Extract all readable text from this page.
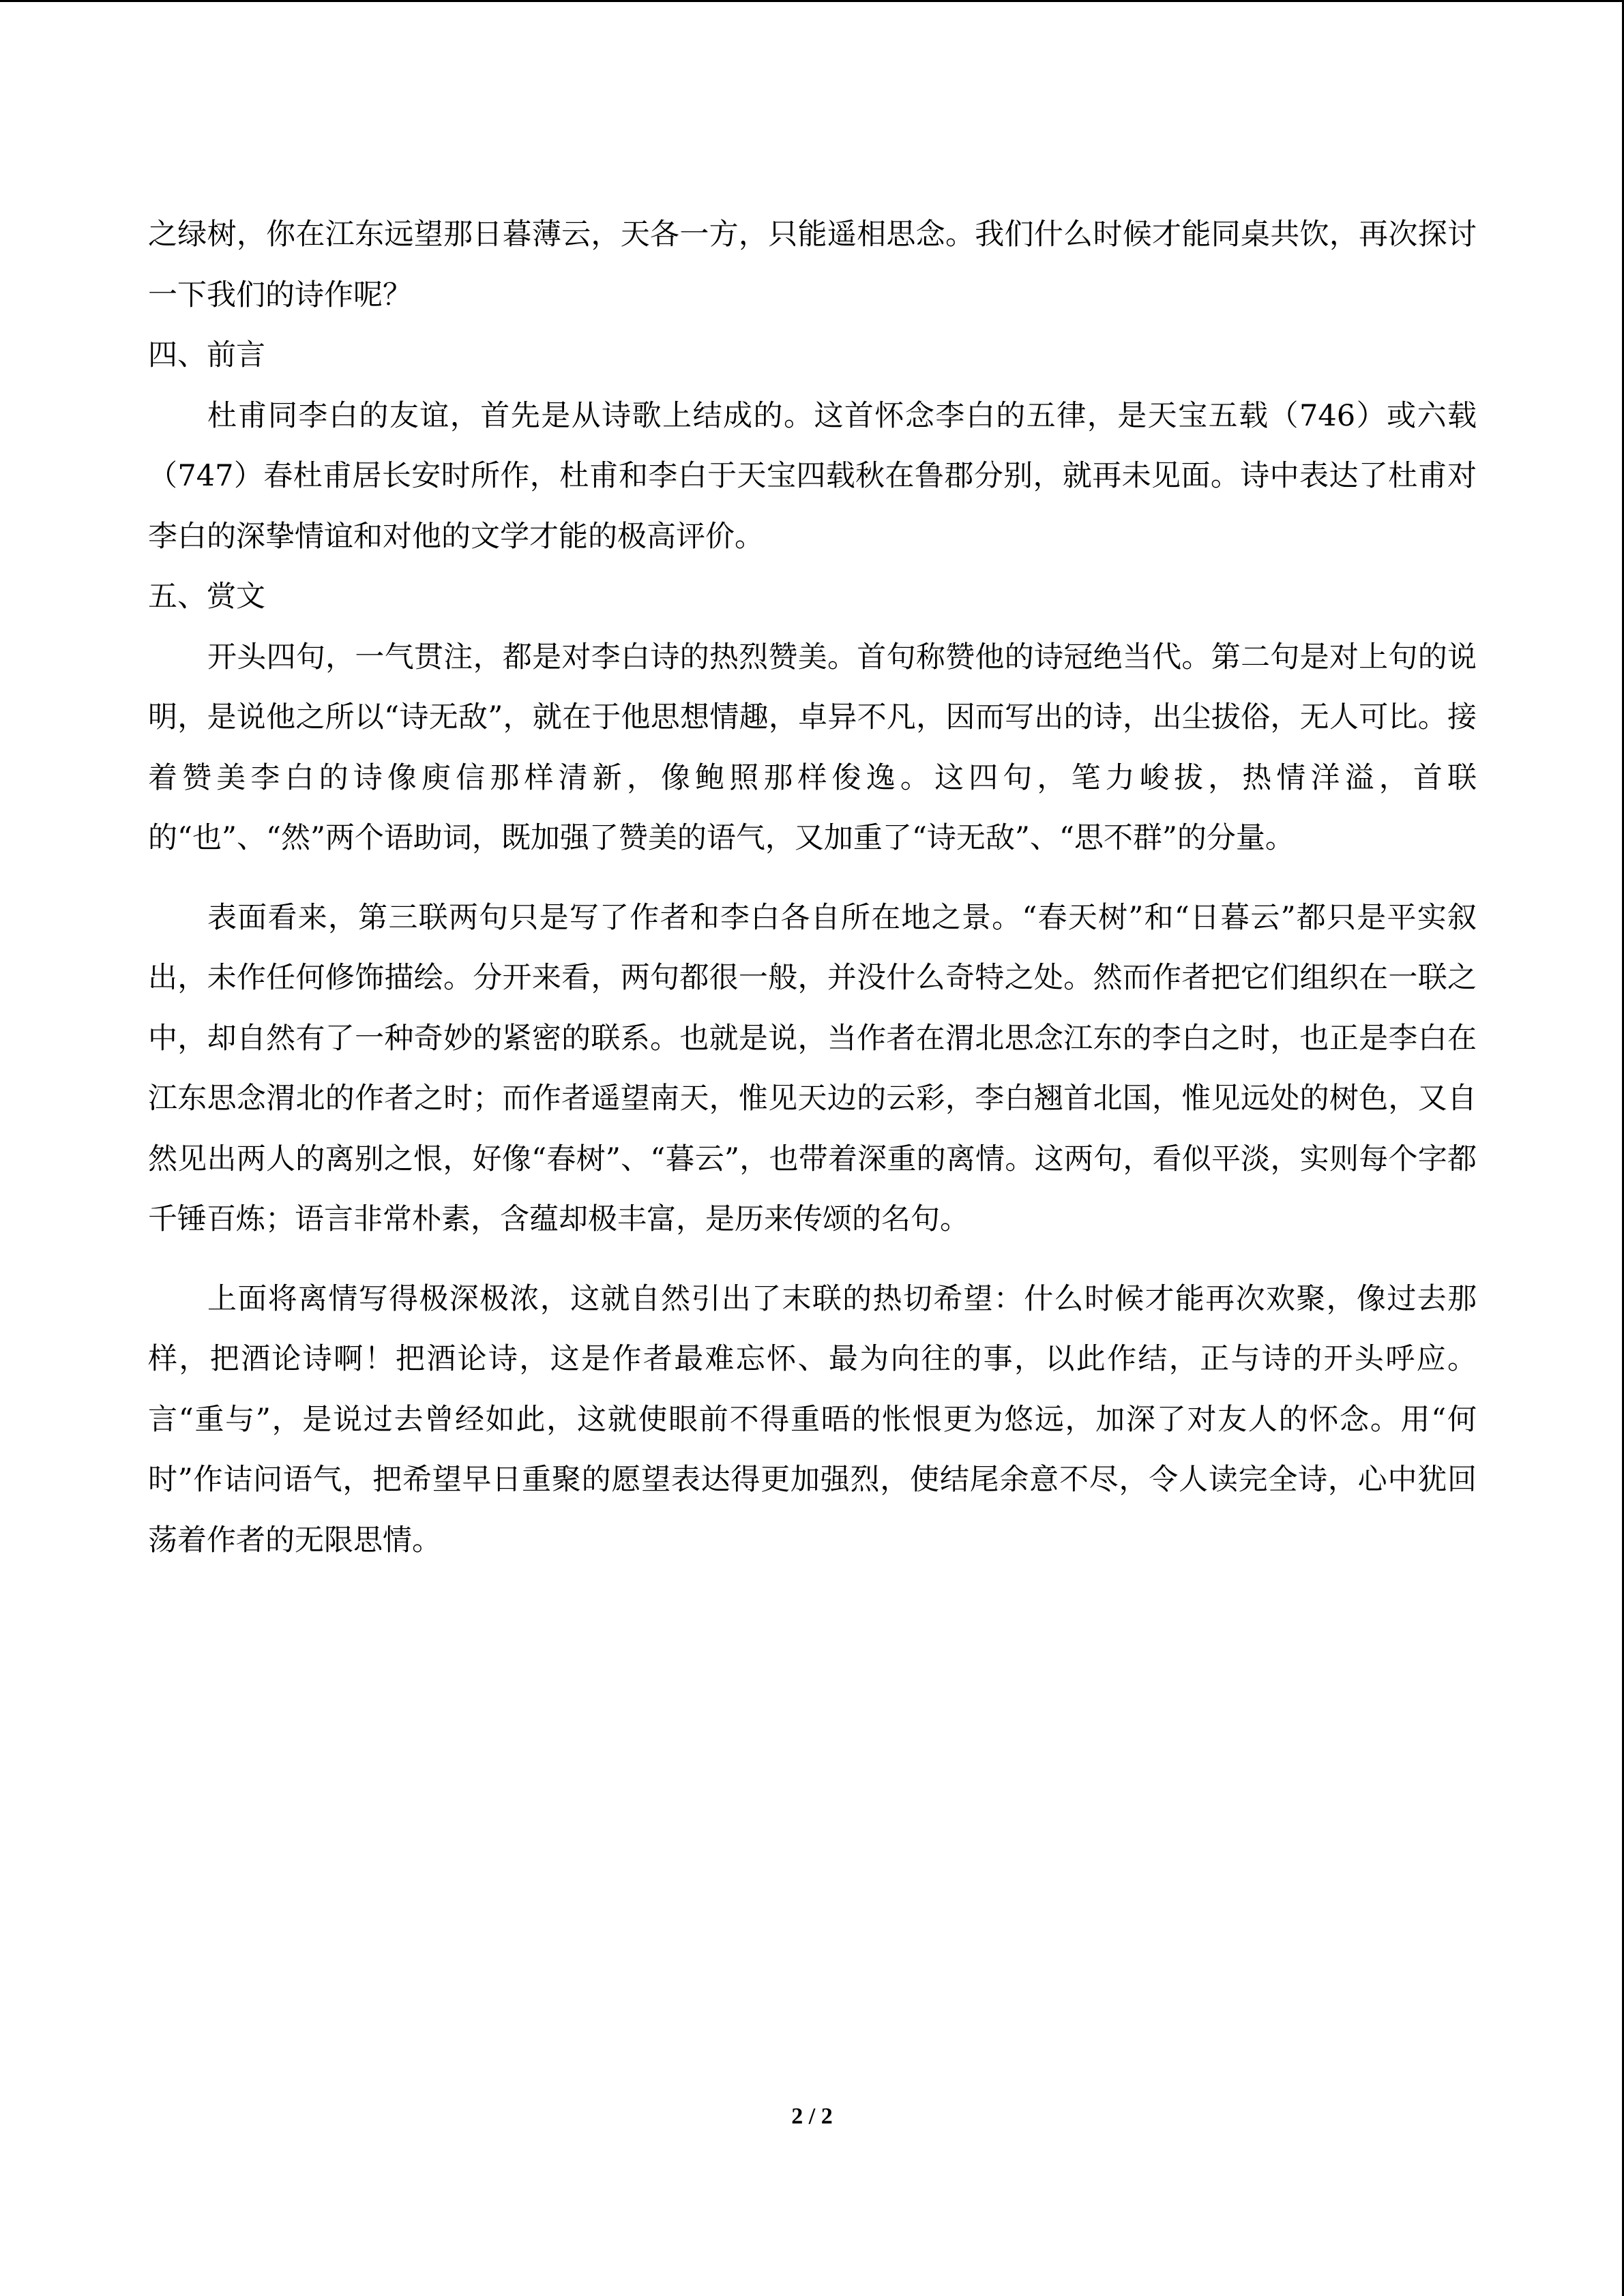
之绿树，你在江东远望那日暮薄云，天各一方，只能遥相思念。我们什么时候才能同桌共饮，再次探讨一下我们的诗作呢？

四、前言

杜甫同李白的友谊，首先是从诗歌上结成的。这首怀念李白的五律，是天宝五载（746）或六载（747）春杜甫居长安时所作，杜甫和李白于天宝四载秋在鲁郡分别，就再未见面。诗中表达了杜甫对李白的深挚情谊和对他的文学才能的极高评价。

五、赏文

开头四句，一气贯注，都是对李白诗的热烈赞美。首句称赞他的诗冠绝当代。第二句是对上句的说明，是说他之所以“诗无敌”，就在于他思想情趣，卓异不凡，因而写出的诗，出尘拔俗，无人可比。接着赞美李白的诗像庾信那样清新，像鲍照那样俊逸。这四句，笔力峻拔，热情洋溢，首联的“也”、“然”两个语助词，既加强了赞美的语气，又加重了“诗无敌”、“思不群”的分量。

表面看来，第三联两句只是写了作者和李白各自所在地之景。“春天树”和“日暮云”都只是平实叙出，未作任何修饰描绘。分开来看，两句都很一般，并没什么奇特之处。然而作者把它们组织在一联之中，却自然有了一种奇妙的紧密的联系。也就是说，当作者在渭北思念江东的李白之时，也正是李白在江东思念渭北的作者之时；而作者遥望南天，惟见天边的云彩，李白翘首北国，惟见远处的树色，又自然见出两人的离别之恨，好像“春树”、“暮云”，也带着深重的离情。这两句，看似平淡，实则每个字都千锤百炼；语言非常朴素，含蕴却极丰富，是历来传颂的名句。

上面将离情写得极深极浓，这就自然引出了末联的热切希望：什么时候才能再次欢聚，像过去那样，把酒论诗啊！把酒论诗，这是作者最难忘怀、最为向往的事，以此作结，正与诗的开头呼应。言“重与”，是说过去曾经如此，这就使眼前不得重晤的怅恨更为悠远，加深了对友人的怀念。用“何时”作诘问语气，把希望早日重聚的愿望表达得更加强烈，使结尾余意不尽，令人读完全诗，心中犹回荡着作者的无限思情。

2 / 2
